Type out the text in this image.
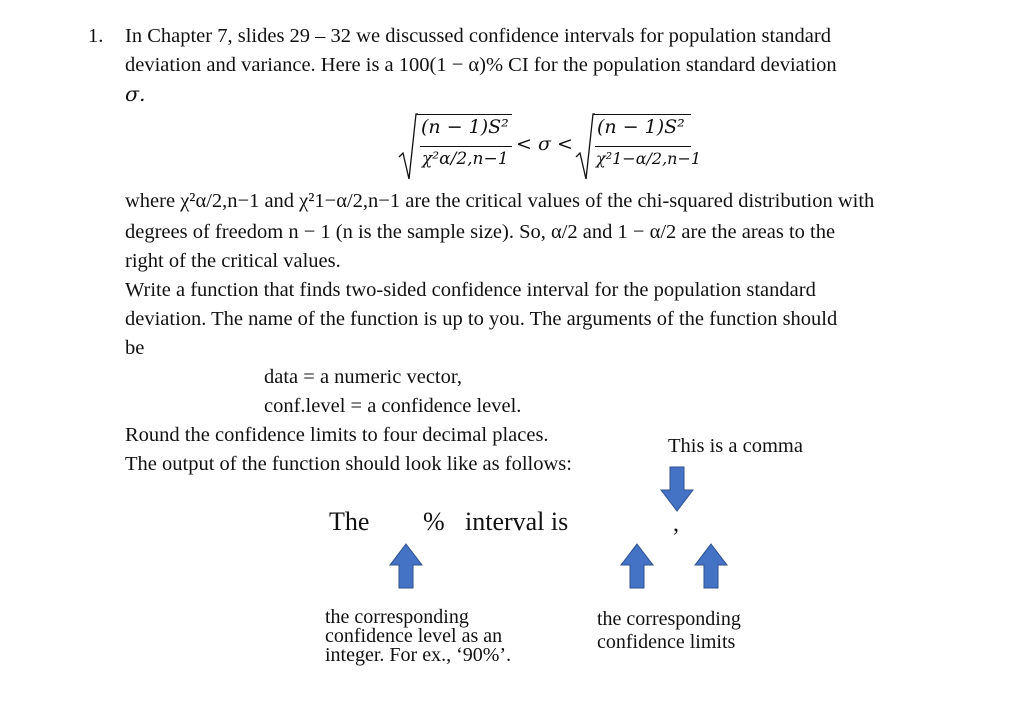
1. In Chapter 7, slides 29 – 32 we discussed confidence intervals for population standard
deviation and variance. Here is a 100(1 − α)% CI for the population standard deviation
σ.
(n − 1)S²
χ²α/2,n−1
< σ <
(n − 1)S²
χ²1−α/2,n−1
where χ²α/2,n−1 and χ²1−α/2,n−1 are the critical values of the chi-squared distribution with
degrees of freedom n − 1 (n is the sample size). So, α/2 and 1 − α/2 are the areas to the
right of the critical values.
Write a function that finds two-sided confidence interval for the population standard
deviation. The name of the function is up to you. The arguments of the function should
be
data = a numeric vector,
conf.level = a confidence level.
Round the confidence limits to four decimal places.
The output of the function should look like as follows:
This is a comma
The % interval is	,
the corresponding
confidence level as an
integer. For ex., ‘90%’.
the corresponding
confidence limits
